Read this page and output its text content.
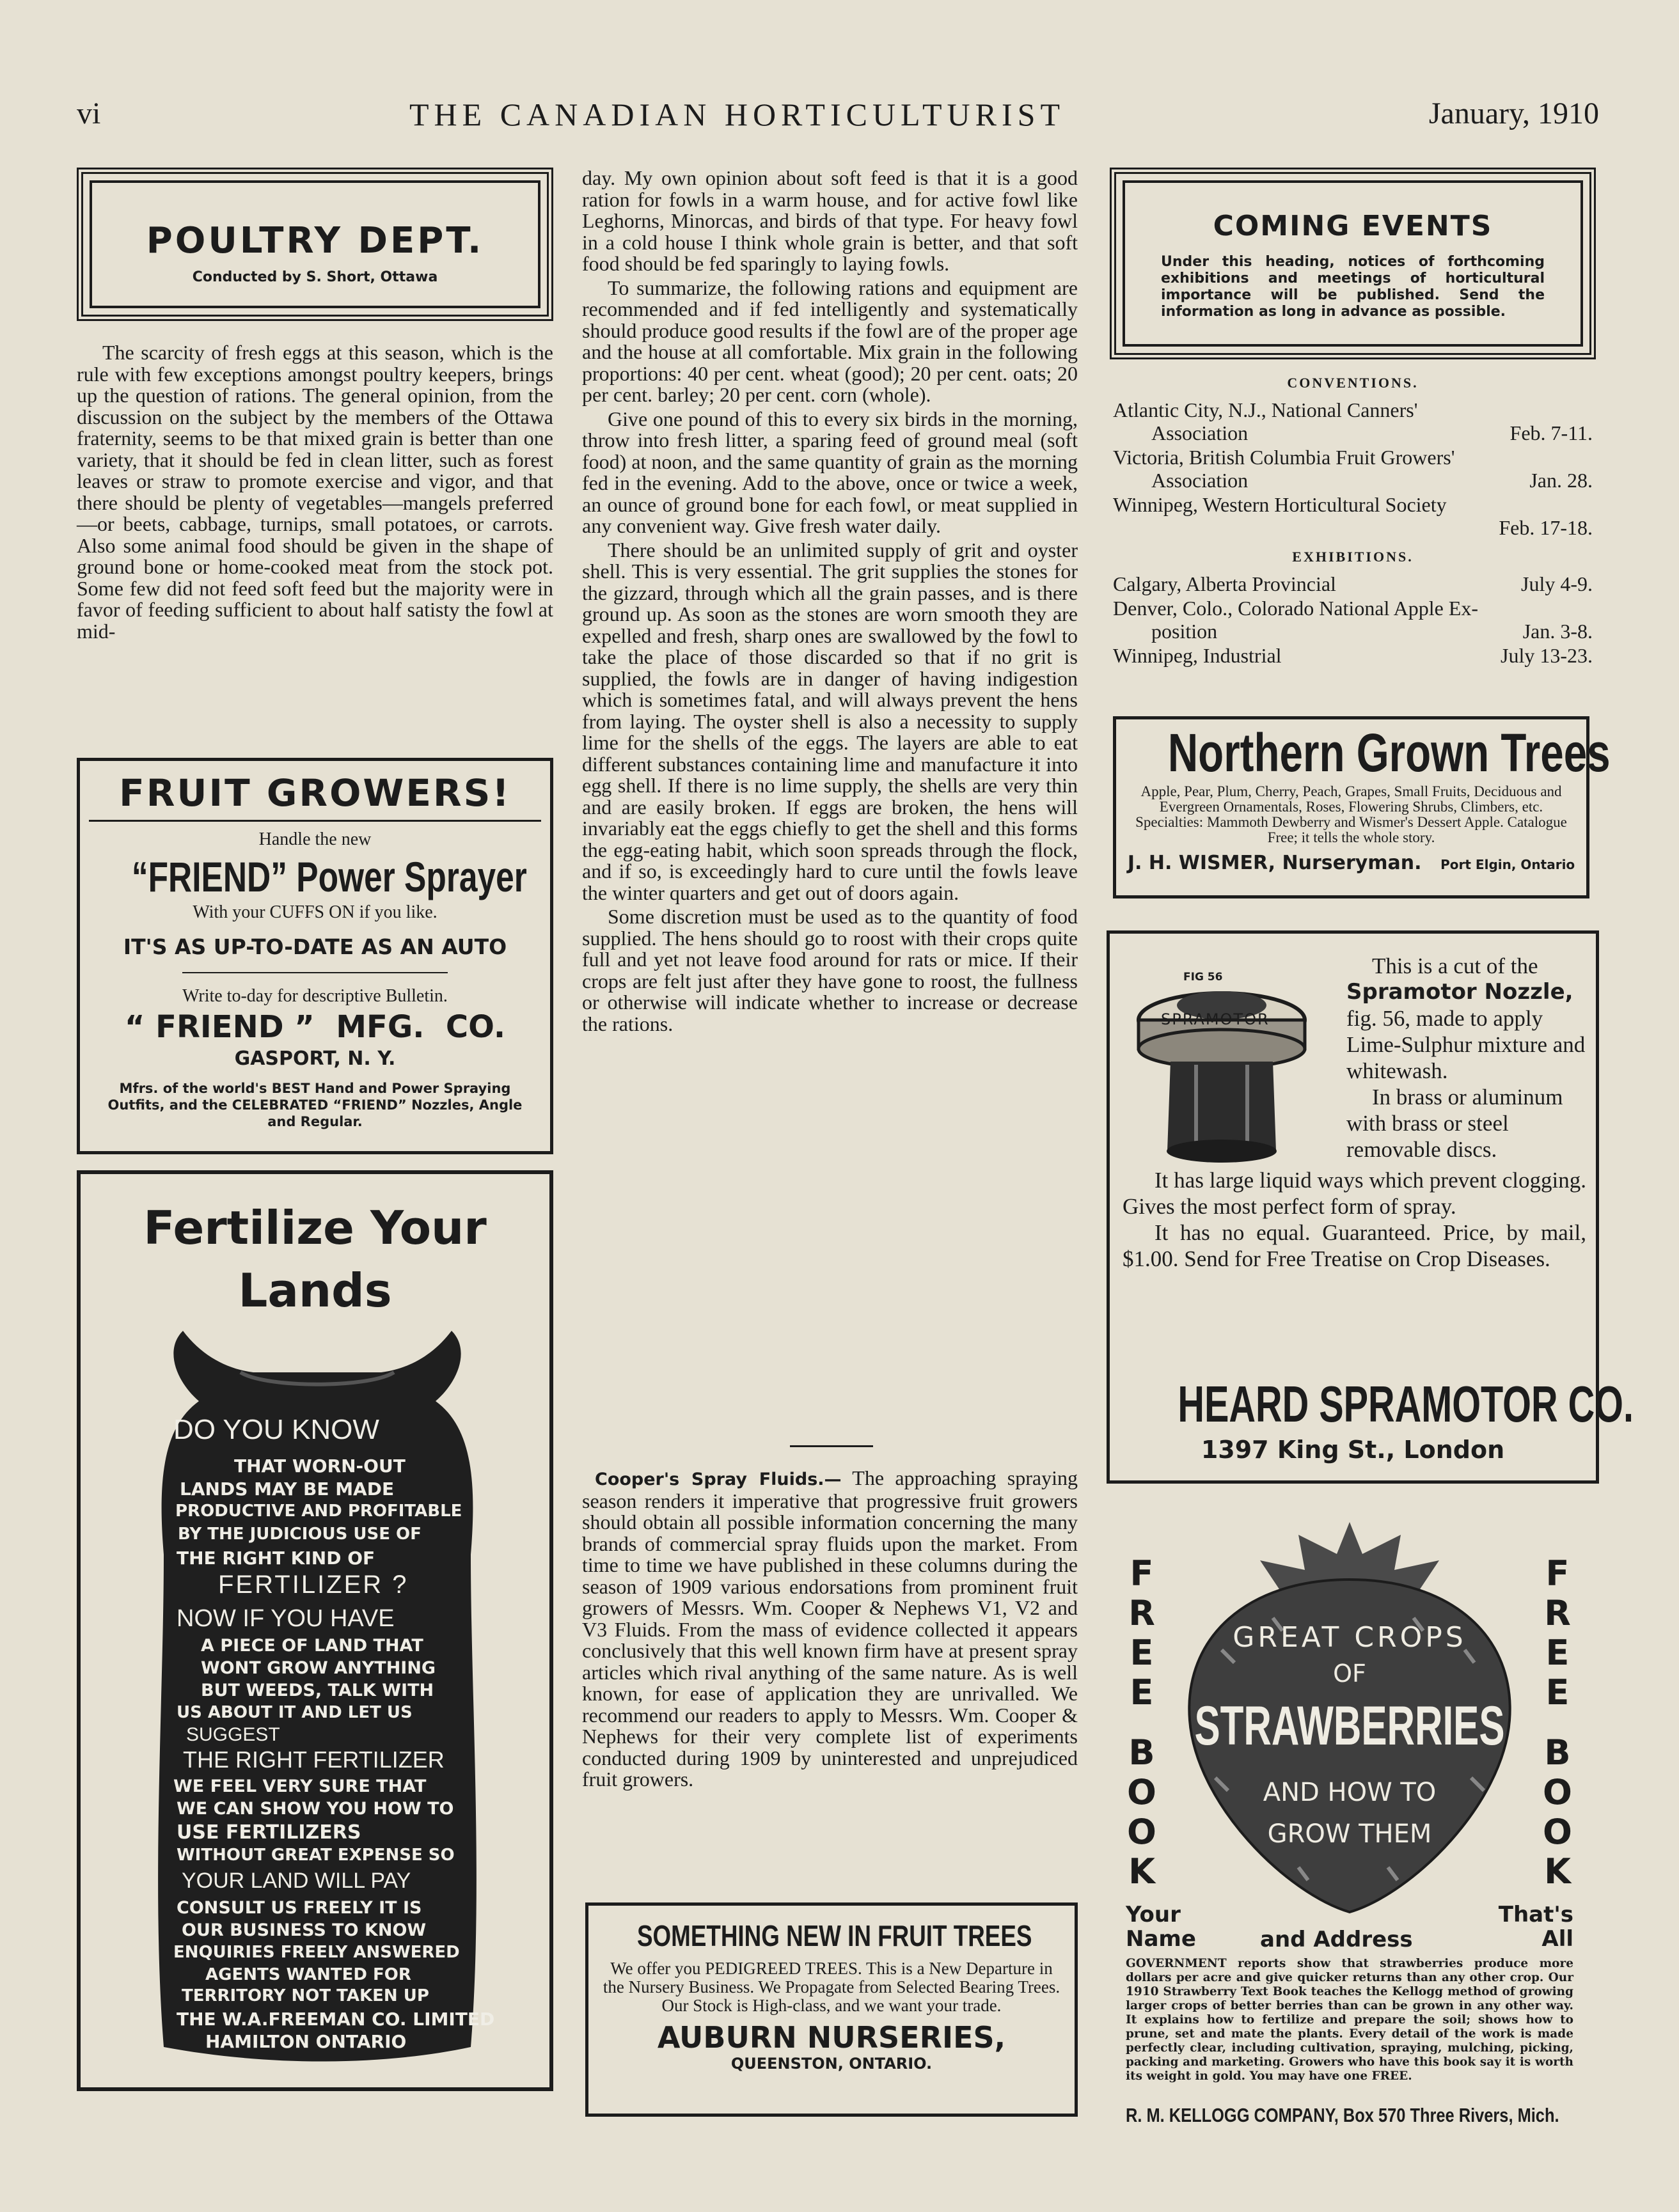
vi	THE CANADIAN HORTICULTURIST	January, 1910
POULTRY DEPT.
Conducted by S. Short, Ottawa

The scarcity of fresh eggs at this season, which is the rule with few exceptions amongst poultry keepers, brings up the question of rations. The general opinion, from the discussion on the subject by the members of the Ottawa fraternity, seems to be that mixed grain is better than one variety, that it should be fed in clean litter, such as forest leaves or straw to promote exercise and vigor, and that there should be plenty of vegetables—mangels preferred—or beets, cabbage, turnips, small potatoes, or carrots. Also some animal food should be given in the shape of ground bone or home-cooked meat from the stock pot. Some few did not feed soft feed but the majority were in favor of feeding sufficient to about half satisty the fowl at mid-

FRUIT GROWERS!
Handle the new
“FRIEND” Power Sprayer
With your CUFFS ON if you like.
IT'S AS UP-TO-DATE AS AN AUTO
Write to-day for descriptive Bulletin.
“ FRIEND ”  MFG.  CO.
GASPORT, N. Y.
Mfrs. of the world's BEST Hand and Power Spraying Outfits, and the CELEBRATED “FRIEND” Nozzles, Angle and Regular.
Fertilize Your
Lands
DO YOU KNOW
THAT WORN-OUT
LANDS MAY BE MADE
PRODUCTIVE AND PROFITABLE
BY THE JUDICIOUS USE OF
THE RIGHT KIND OF
FERTILIZER ?
NOW IF YOU HAVE
A PIECE OF LAND THAT
WONT GROW ANYTHING
BUT WEEDS, TALK WITH
US ABOUT IT AND LET US
SUGGEST
THE RIGHT FERTILIZER
WE FEEL VERY SURE THAT
WE CAN SHOW YOU HOW TO
USE FERTILIZERS
WITHOUT GREAT EXPENSE SO
YOUR LAND WILL PAY
CONSULT US FREELY IT IS
OUR BUSINESS TO KNOW
ENQUIRIES FREELY ANSWERED
AGENTS WANTED FOR
TERRITORY NOT TAKEN UP
THE W.A.FREEMAN CO. LIMITED
HAMILTON ONTARIO

day. My own opinion about soft feed is that it is a good ration for fowls in a warm house, and for active fowl like Leghorns, Minorcas, and birds of that type. For heavy fowl in a cold house I think whole grain is better, and that soft food should be fed sparingly to laying fowls.

To summarize, the following rations and equipment are recommended and if fed intelligently and systematically should produce good results if the fowl are of the proper age and the house at all comfortable. Mix grain in the following proportions: 40 per cent. wheat (good); 20 per cent. oats; 20 per cent. barley; 20 per cent. corn (whole).

Give one pound of this to every six birds in the morning, throw into fresh litter, a sparing feed of ground meal (soft food) at noon, and the same quantity of grain as the morning fed in the evening. Add to the above, once or twice a week, an ounce of ground bone for each fowl, or meat supplied in any convenient way. Give fresh water daily.

There should be an unlimited supply of grit and oyster shell. This is very essential. The grit supplies the stones for the gizzard, through which all the grain passes, and is there ground up. As soon as the stones are worn smooth they are expelled and fresh, sharp ones are swallowed by the fowl to take the place of those discarded so that if no grit is supplied, the fowls are in danger of having indigestion which is sometimes fatal, and will always prevent the hens from laying. The oyster shell is also a necessity to supply lime for the shells of the eggs. The layers are able to eat different substances containing lime and manufacture it into egg shell. If there is no lime supply, the shells are very thin and are easily broken. If eggs are broken, the hens will invariably eat the eggs chiefly to get the shell and this forms the egg-eating habit, which soon spreads through the flock, and if so, is exceedingly hard to cure until the fowls leave the winter quarters and get out of doors again.

Some discretion must be used as to the quantity of food supplied. The hens should go to roost with their crops quite full and yet not leave food around for rats or mice. If their crops are felt just after they have gone to roost, the fullness or otherwise will indicate whether to increase or decrease the rations.

Cooper's Spray Fluids.— The approaching spraying season renders it imperative that progressive fruit growers should obtain all possible information concerning the many brands of commercial spray fluids upon the market. From time to time we have published in these columns during the season of 1909 various endorsations from prominent fruit growers of Messrs. Wm. Cooper & Nephews V1, V2 and V3 Fluids. From the mass of evidence collected it appears conclusively that this well known firm have at present spray articles which rival anything of the same nature. As is well known, for ease of application they are unrivalled. We recommend our readers to apply to Messrs. Wm. Cooper & Nephews for their very complete list of experiments conducted during 1909 by uninterested and unprejudiced fruit growers.

SOMETHING NEW IN FRUIT TREES
We offer you PEDIGREED TREES. This is a New Departure in the Nursery Business. We Propagate from Selected Bearing Trees. Our Stock is High-class, and we want your trade.
AUBURN NURSERIES,
QUEENSTON, ONTARIO.
COMING EVENTS
Under this heading, notices of forthcoming exhibitions and meetings of horticultural importance will be published. Send the information as long in advance as possible.
CONVENTIONS.
Atlantic City, N.J., National Canners'
Association	Feb. 7-11.
Victoria, British Columbia Fruit Growers'
Association	Jan. 28.
Winnipeg, Western Horticultural Society
Feb. 17-18.
EXHIBITIONS.
Calgary, Alberta Provincial	July 4-9.
Denver, Colo., Colorado National Apple Ex-
position	Jan. 3-8.
Winnipeg, Industrial	July 13-23.
Northern Grown Trees
Apple, Pear, Plum, Cherry, Peach, Grapes, Small Fruits, Deciduous and Evergreen Ornamentals, Roses, Flowering Shrubs, Climbers, etc. Specialties: Mammoth Dewberry and Wismer's Dessert Apple. Catalogue Free; it tells the whole story.
J. H. WISMER, Nurseryman. Port Elgin, Ontario
FIG 56
SPRAMOTOR
This is a cut of the
Spramotor Nozzle,
fig. 56, made to apply Lime-Sulphur mixture and whitewash.
In brass or aluminum with brass or steel removable discs.
It has large liquid ways which prevent clogging. Gives the most perfect form of spray.
It has no equal. Guaranteed. Price, by mail, $1.00. Send for Free Treatise on Crop Diseases.
HEARD SPRAMOTOR CO.
1397 King St., London
FREE
FREE
BOOK
BOOK
GREAT CROPS
OF
STRAWBERRIES
AND HOW TO
GROW THEM
Your Name	and Address
That's All
GOVERNMENT reports show that strawberries produce more dollars per acre and give quicker returns than any other crop. Our 1910 Strawberry Text Book teaches the Kellogg method of growing larger crops of better berries than can be grown in any other way. It explains how to fertilize and prepare the soil; shows how to prune, set and mate the plants. Every detail of the work is made perfectly clear, including cultivation, spraying, mulching, picking, packing and marketing. Growers who have this book say it is worth its weight in gold. You may have one FREE.
R. M. KELLOGG COMPANY, Box 570 Three Rivers, Mich.
